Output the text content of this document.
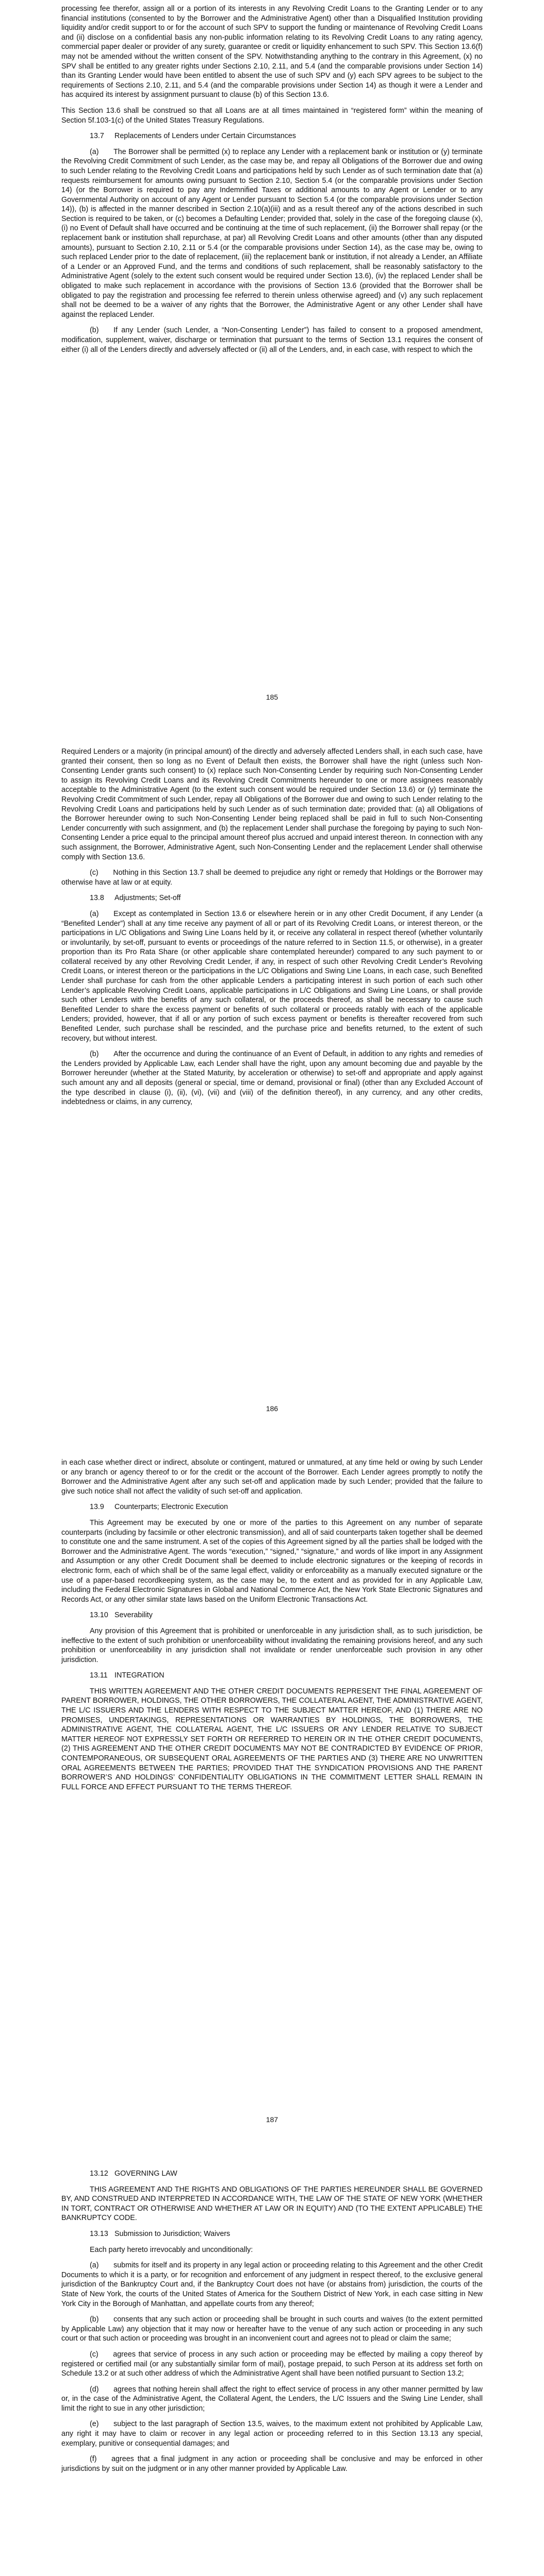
processing fee therefor, assign all or a portion of its interests in any Revolving Credit Loans to the Granting Lender or to any financial institutions (consented to by the Borrower and the Administrative Agent) other than a Disqualified Institution providing liquidity and/or credit support to or for the account of such SPV to support the funding or maintenance of Revolving Credit Loans and (ii) disclose on a confidential basis any non-public information relating to its Revolving Credit Loans to any rating agency, commercial paper dealer or provider of any surety, guarantee or credit or liquidity enhancement to such SPV. This Section 13.6(f) may not be amended without the written consent of the SPV. Notwithstanding anything to the contrary in this Agreement, (x) no SPV shall be entitled to any greater rights under Sections 2.10, 2.11, and 5.4 (and the comparable provisions under Section 14) than its Granting Lender would have been entitled to absent the use of such SPV and (y) each SPV agrees to be subject to the requirements of Sections 2.10, 2.11, and 5.4 (and the comparable provisions under Section 14) as though it were a Lender and has acquired its interest by assignment pursuant to clause (b) of this Section 13.6.

This Section 13.6 shall be construed so that all Loans are at all times maintained in “registered form” within the meaning of Section 5f.103-1(c) of the United States Treasury Regulations.

13.7 Replacements of Lenders under Certain Circumstances

(a)  The Borrower shall be permitted (x) to replace any Lender with a replacement bank or institution or (y) terminate the Revolving Credit Commitment of such Lender, as the case may be, and repay all Obligations of the Borrower due and owing to such Lender relating to the Revolving Credit Loans and participations held by such Lender as of such termination date that (a) requests reimbursement for amounts owing pursuant to Section 2.10, Section 5.4 (or the comparable provisions under Section 14) (or the Borrower is required to pay any Indemnified Taxes or additional amounts to any Agent or Lender or to any Governmental Authority on account of any Agent or Lender pursuant to Section 5.4 (or the comparable provisions under Section 14)), (b) is affected in the manner described in Section 2.10(a)(iii) and as a result thereof any of the actions described in such Section is required to be taken, or (c) becomes a Defaulting Lender; provided that, solely in the case of the foregoing clause (x), (i) no Event of Default shall have occurred and be continuing at the time of such replacement, (ii) the Borrower shall repay (or the replacement bank or institution shall repurchase, at par) all Revolving Credit Loans and other amounts (other than any disputed amounts), pursuant to Section 2.10, 2.11 or 5.4 (or the comparable provisions under Section 14), as the case may be, owing to such replaced Lender prior to the date of replacement, (iii) the replacement bank or institution, if not already a Lender, an Affiliate of a Lender or an Approved Fund, and the terms and conditions of such replacement, shall be reasonably satisfactory to the Administrative Agent (solely to the extent such consent would be required under Section 13.6), (iv) the replaced Lender shall be obligated to make such replacement in accordance with the provisions of Section 13.6 (provided that the Borrower shall be obligated to pay the registration and processing fee referred to therein unless otherwise agreed) and (v) any such replacement shall not be deemed to be a waiver of any rights that the Borrower, the Administrative Agent or any other Lender shall have against the replaced Lender.

(b)  If any Lender (such Lender, a “Non-Consenting Lender”) has failed to consent to a proposed amendment, modification, supplement, waiver, discharge or termination that pursuant to the terms of Section 13.1 requires the consent of either (i) all of the Lenders directly and adversely affected or (ii) all of the Lenders, and, in each case, with respect to which the

185

Required Lenders or a majority (in principal amount) of the directly and adversely affected Lenders shall, in each such case, have granted their consent, then so long as no Event of Default then exists, the Borrower shall have the right (unless such Non-Consenting Lender grants such consent) to (x) replace such Non-Consenting Lender by requiring such Non-Consenting Lender to assign its Revolving Credit Loans and its Revolving Credit Commitments hereunder to one or more assignees reasonably acceptable to the Administrative Agent (to the extent such consent would be required under Section 13.6) or (y) terminate the Revolving Credit Commitment of such Lender, repay all Obligations of the Borrower due and owing to such Lender relating to the Revolving Credit Loans and participations held by such Lender as of such termination date; provided that: (a) all Obligations of the Borrower hereunder owing to such Non-Consenting Lender being replaced shall be paid in full to such Non-Consenting Lender concurrently with such assignment, and (b) the replacement Lender shall purchase the foregoing by paying to such Non-Consenting Lender a price equal to the principal amount thereof plus accrued and unpaid interest thereon. In connection with any such assignment, the Borrower, Administrative Agent, such Non-Consenting Lender and the replacement Lender shall otherwise comply with Section 13.6.

(c)  Nothing in this Section 13.7 shall be deemed to prejudice any right or remedy that Holdings or the Borrower may otherwise have at law or at equity.

13.8 Adjustments; Set-off

(a)  Except as contemplated in Section 13.6 or elsewhere herein or in any other Credit Document, if any Lender (a “Benefited Lender”) shall at any time receive any payment of all or part of its Revolving Credit Loans, or interest thereon, or the participations in L/C Obligations and Swing Line Loans held by it, or receive any collateral in respect thereof (whether voluntarily or involuntarily, by set-off, pursuant to events or proceedings of the nature referred to in Section 11.5, or otherwise), in a greater proportion than its Pro Rata Share (or other applicable share contemplated hereunder) compared to any such payment to or collateral received by any other Revolving Credit Lender, if any, in respect of such other Revolving Credit Lender’s Revolving Credit Loans, or interest thereon or the participations in the L/C Obligations and Swing Line Loans, in each case, such Benefited Lender shall purchase for cash from the other applicable Lenders a participating interest in such portion of each such other Lender’s applicable Revolving Credit Loans, applicable participations in L/C Obligations and Swing Line Loans, or shall provide such other Lenders with the benefits of any such collateral, or the proceeds thereof, as shall be necessary to cause such Benefited Lender to share the excess payment or benefits of such collateral or proceeds ratably with each of the applicable Lenders; provided, however, that if all or any portion of such excess payment or benefits is thereafter recovered from such Benefited Lender, such purchase shall be rescinded, and the purchase price and benefits returned, to the extent of such recovery, but without interest.

(b)  After the occurrence and during the continuance of an Event of Default, in addition to any rights and remedies of the Lenders provided by Applicable Law, each Lender shall have the right, upon any amount becoming due and payable by the Borrower hereunder (whether at the Stated Maturity, by acceleration or otherwise) to set-off and appropriate and apply against such amount any and all deposits (general or special, time or demand, provisional or final) (other than any Excluded Account of the type described in clause (i), (ii), (vi), (vii) and (viii) of the definition thereof), in any currency, and any other credits, indebtedness or claims, in any currency,

186

in each case whether direct or indirect, absolute or contingent, matured or unmatured, at any time held or owing by such Lender or any branch or agency thereof to or for the credit or the account of the Borrower. Each Lender agrees promptly to notify the Borrower and the Administrative Agent after any such set-off and application made by such Lender; provided that the failure to give such notice shall not affect the validity of such set-off and application.

13.9 Counterparts; Electronic Execution

This Agreement may be executed by one or more of the parties to this Agreement on any number of separate counterparts (including by facsimile or other electronic transmission), and all of said counterparts taken together shall be deemed to constitute one and the same instrument. A set of the copies of this Agreement signed by all the parties shall be lodged with the Borrower and the Administrative Agent. The words “execution,” “signed,” “signature,” and words of like import in any Assignment and Assumption or any other Credit Document shall be deemed to include electronic signatures or the keeping of records in electronic form, each of which shall be of the same legal effect, validity or enforceability as a manually executed signature or the use of a paper-based recordkeeping system, as the case may be, to the extent and as provided for in any Applicable Law, including the Federal Electronic Signatures in Global and National Commerce Act, the New York State Electronic Signatures and Records Act, or any other similar state laws based on the Uniform Electronic Transactions Act.

13.10 Severability

Any provision of this Agreement that is prohibited or unenforceable in any jurisdiction shall, as to such jurisdiction, be ineffective to the extent of such prohibition or unenforceability without invalidating the remaining provisions hereof, and any such prohibition or unenforceability in any jurisdiction shall not invalidate or render unenforceable such provision in any other jurisdiction.

13.11 INTEGRATION

THIS WRITTEN AGREEMENT AND THE OTHER CREDIT DOCUMENTS REPRESENT THE FINAL AGREEMENT OF PARENT BORROWER, HOLDINGS, THE OTHER BORROWERS, THE COLLATERAL AGENT, THE ADMINISTRATIVE AGENT, THE L/C ISSUERS AND THE LENDERS WITH RESPECT TO THE SUBJECT MATTER HEREOF, AND (1) THERE ARE NO PROMISES, UNDERTAKINGS, REPRESENTATIONS OR WARRANTIES BY HOLDINGS, THE BORROWERS, THE ADMINISTRATIVE AGENT, THE COLLATERAL AGENT, THE L/C ISSUERS OR ANY LENDER RELATIVE TO SUBJECT MATTER HEREOF NOT EXPRESSLY SET FORTH OR REFERRED TO HEREIN OR IN THE OTHER CREDIT DOCUMENTS, (2) THIS AGREEMENT AND THE OTHER CREDIT DOCUMENTS MAY NOT BE CONTRADICTED BY EVIDENCE OF PRIOR, CONTEMPORANEOUS, OR SUBSEQUENT ORAL AGREEMENTS OF THE PARTIES AND (3) THERE ARE NO UNWRITTEN ORAL AGREEMENTS BETWEEN THE PARTIES; PROVIDED THAT THE SYNDICATION PROVISIONS AND THE PARENT BORROWER’S AND HOLDINGS’ CONFIDENTIALITY OBLIGATIONS IN THE COMMITMENT LETTER SHALL REMAIN IN FULL FORCE AND EFFECT PURSUANT TO THE TERMS THEREOF.

187
13.12 GOVERNING LAW

THIS AGREEMENT AND THE RIGHTS AND OBLIGATIONS OF THE PARTIES HEREUNDER SHALL BE GOVERNED BY, AND CONSTRUED AND INTERPRETED IN ACCORDANCE WITH, THE LAW OF THE STATE OF NEW YORK (WHETHER IN TORT, CONTRACT OR OTHERWISE AND WHETHER AT LAW OR IN EQUITY) AND (TO THE EXTENT APPLICABLE) THE BANKRUPTCY CODE.

13.13 Submission to Jurisdiction; Waivers

Each party hereto irrevocably and unconditionally:

(a)  submits for itself and its property in any legal action or proceeding relating to this Agreement and the other Credit Documents to which it is a party, or for recognition and enforcement of any judgment in respect thereof, to the exclusive general jurisdiction of the Bankruptcy Court and, if the Bankruptcy Court does not have (or abstains from) jurisdiction, the courts of the State of New York, the courts of the United States of America for the Southern District of New York, in each case sitting in New York City in the Borough of Manhattan, and appellate courts from any thereof;

(b)  consents that any such action or proceeding shall be brought in such courts and waives (to the extent permitted by Applicable Law) any objection that it may now or hereafter have to the venue of any such action or proceeding in any such court or that such action or proceeding was brought in an inconvenient court and agrees not to plead or claim the same;

(c)  agrees that service of process in any such action or proceeding may be effected by mailing a copy thereof by registered or certified mail (or any substantially similar form of mail), postage prepaid, to such Person at its address set forth on Schedule 13.2 or at such other address of which the Administrative Agent shall have been notified pursuant to Section 13.2;

(d)  agrees that nothing herein shall affect the right to effect service of process in any other manner permitted by law or, in the case of the Administrative Agent, the Collateral Agent, the Lenders, the L/C Issuers and the Swing Line Lender, shall limit the right to sue in any other jurisdiction;

(e)  subject to the last paragraph of Section 13.5, waives, to the maximum extent not prohibited by Applicable Law, any right it may have to claim or recover in any legal action or proceeding referred to in this Section 13.13 any special, exemplary, punitive or consequential damages; and

(f)  agrees that a final judgment in any action or proceeding shall be conclusive and may be enforced in other jurisdictions by suit on the judgment or in any other manner provided by Applicable Law.
